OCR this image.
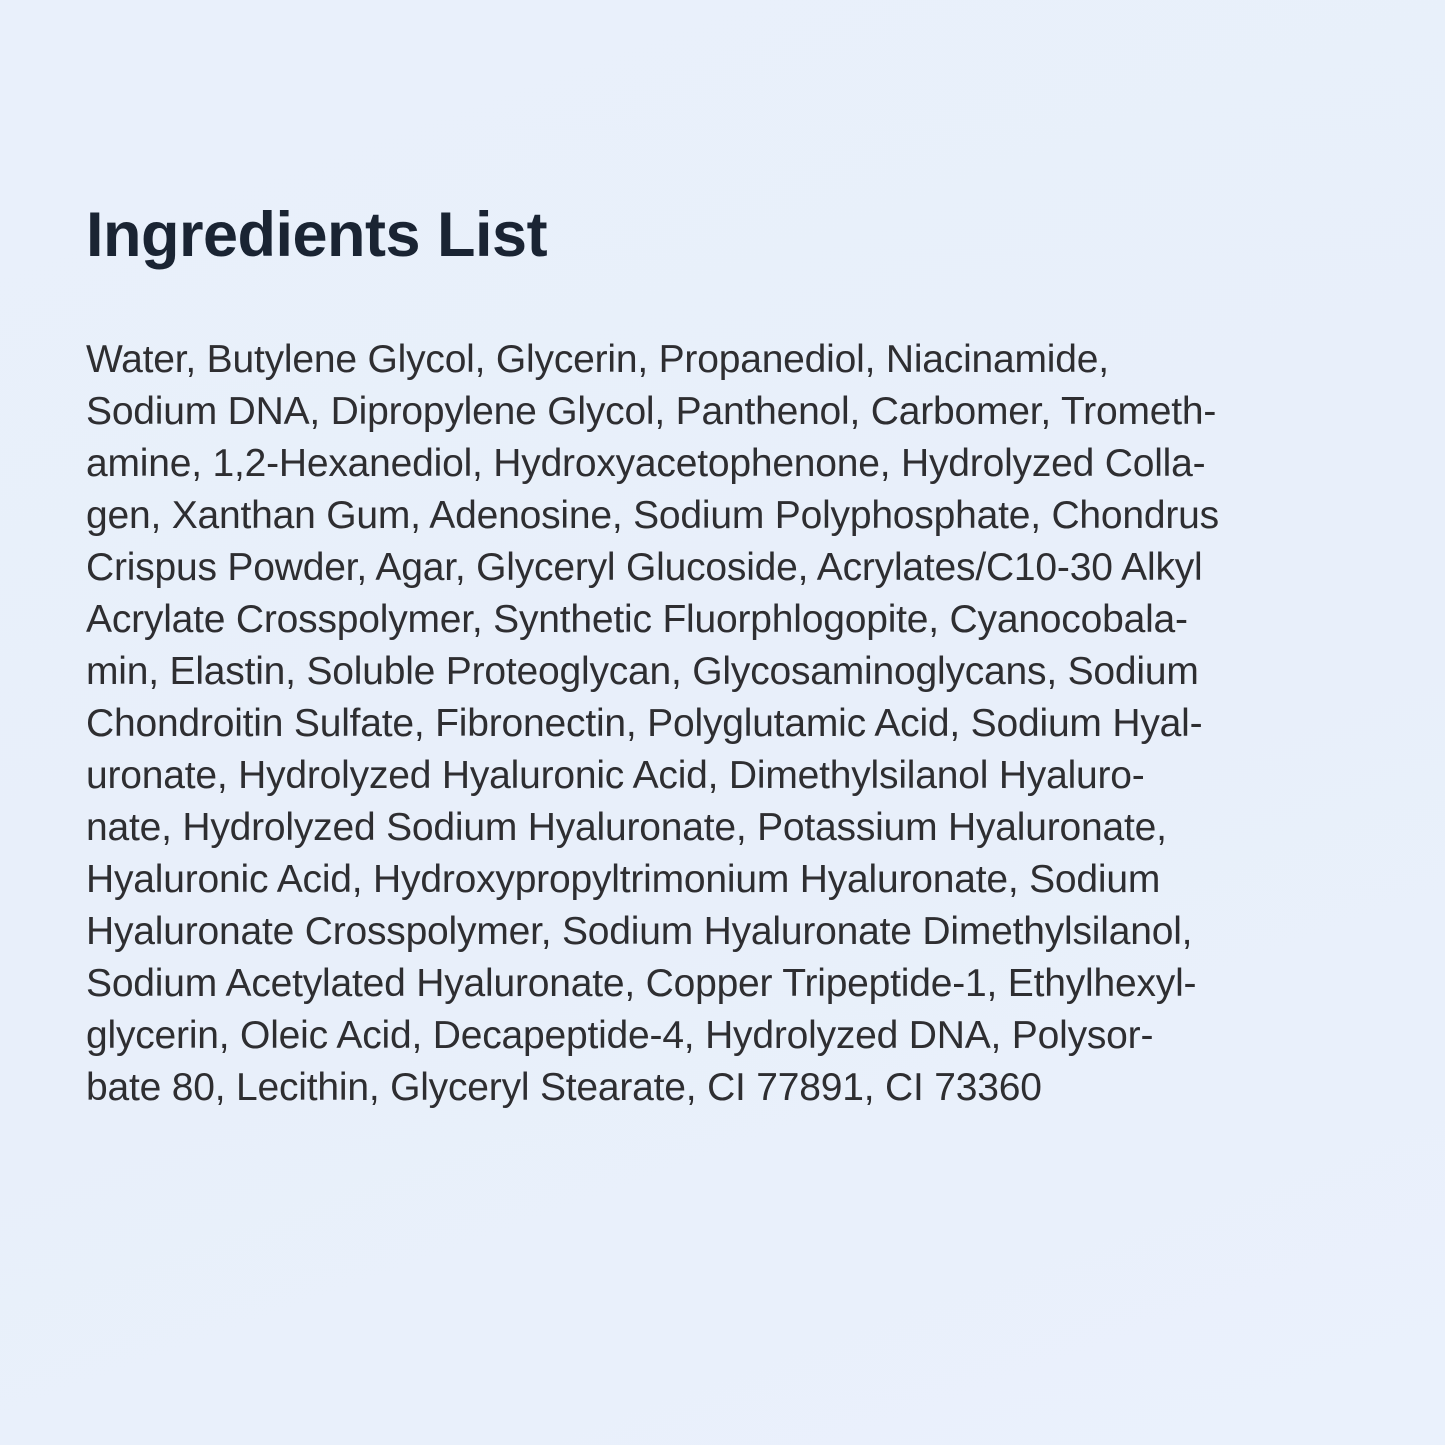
Ingredients List
Water, Butylene Glycol, Glycerin, Propanediol, Niacinamide,
Sodium DNA, Dipropylene Glycol, Panthenol, Carbomer, Trometh-
amine, 1,2-Hexanediol, Hydroxyacetophenone, Hydrolyzed Colla-
gen, Xanthan Gum, Adenosine, Sodium Polyphosphate, Chondrus
Crispus Powder, Agar, Glyceryl Glucoside, Acrylates/C10-30 Alkyl
Acrylate Crosspolymer, Synthetic Fluorphlogopite, Cyanocobala-
min, Elastin, Soluble Proteoglycan, Glycosaminoglycans, Sodium
Chondroitin Sulfate, Fibronectin, Polyglutamic Acid, Sodium Hyal-
uronate, Hydrolyzed Hyaluronic Acid, Dimethylsilanol Hyaluro-
nate, Hydrolyzed Sodium Hyaluronate, Potassium Hyaluronate,
Hyaluronic Acid, Hydroxypropyltrimonium Hyaluronate, Sodium
Hyaluronate Crosspolymer, Sodium Hyaluronate Dimethylsilanol,
Sodium Acetylated Hyaluronate, Copper Tripeptide-1, Ethylhexyl-
glycerin, Oleic Acid, Decapeptide-4, Hydrolyzed DNA, Polysor-
bate 80, Lecithin, Glyceryl Stearate, CI 77891, CI 73360
